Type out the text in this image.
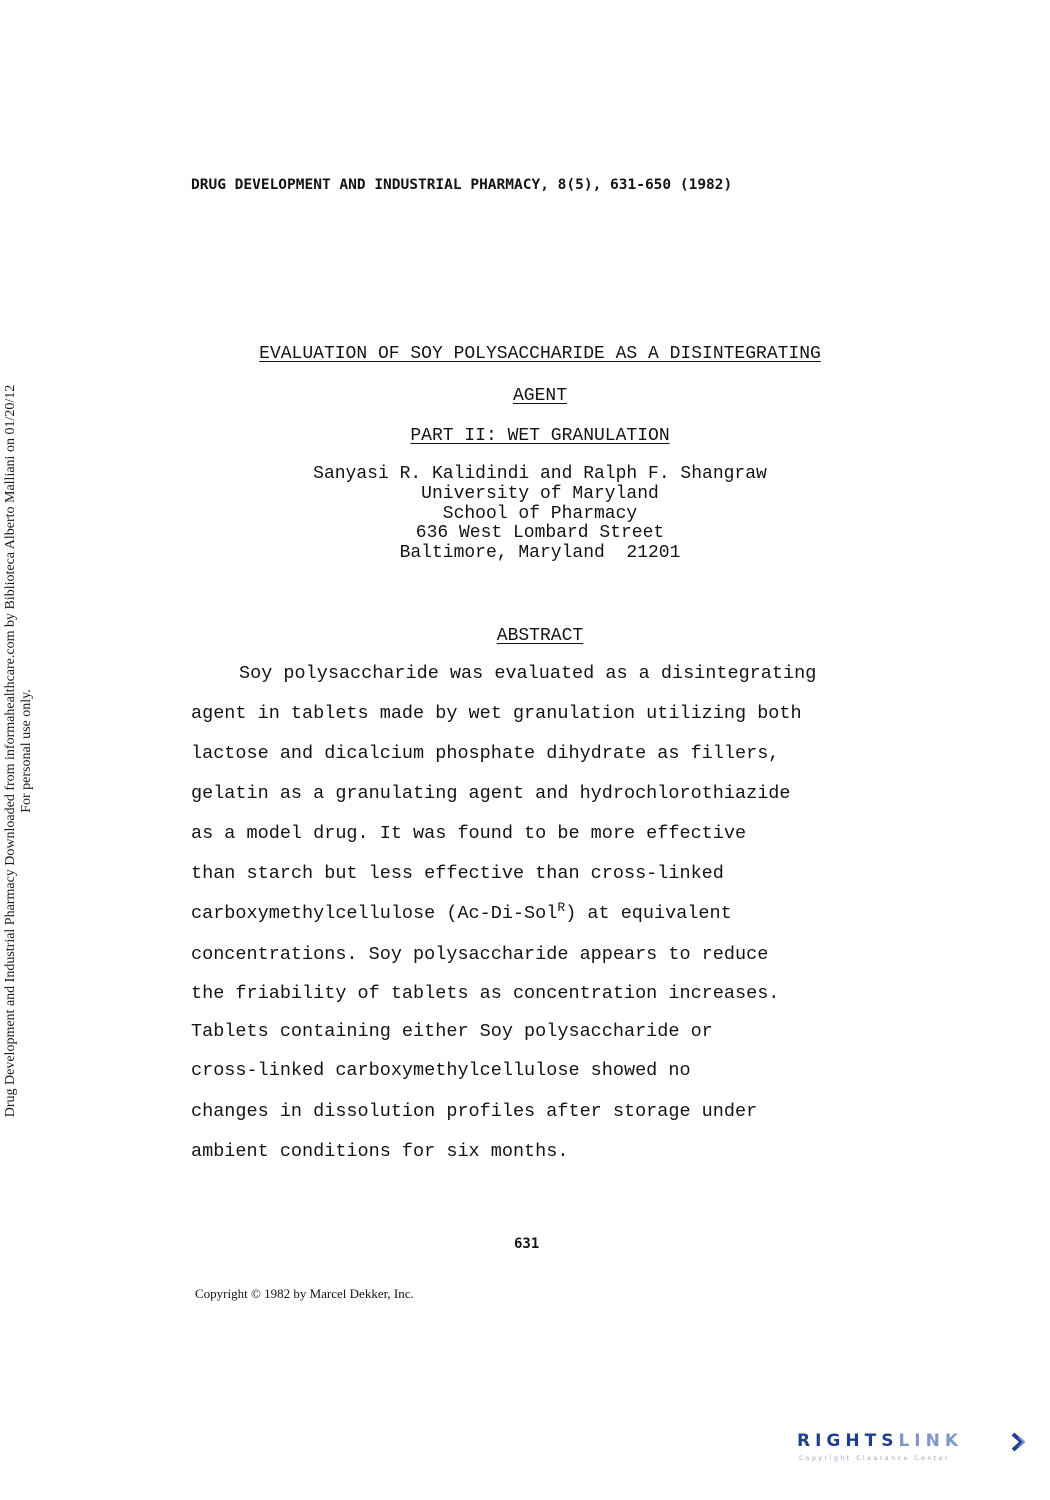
DRUG DEVELOPMENT AND INDUSTRIAL PHARMACY, 8(5), 631-650 (1982)
EVALUATION OF SOY POLYSACCHARIDE AS A DISINTEGRATING
AGENT
PART II: WET GRANULATION
Sanyasi R. Kalidindi and Ralph F. Shangraw
University of Maryland
School of Pharmacy
636 West Lombard Street
Baltimore, Maryland  21201
ABSTRACT
Soy polysaccharide was evaluated as a disintegrating
agent in tablets made by wet granulation utilizing both
lactose and dicalcium phosphate dihydrate as fillers,
gelatin as a granulating agent and hydrochlorothiazide
as a model drug. It was found to be more effective
than starch but less effective than cross-linked
carboxymethylcellulose (Ac-Di-Sol$^R$) at equivalent
concentrations. Soy polysaccharide appears to reduce
the friability of tablets as concentration increases.
Tablets containing either Soy polysaccharide or
cross-linked carboxymethylcellulose showed no
changes in dissolution profiles after storage under
ambient conditions for six months.
631
Copyright © 1982 by Marcel Dekker, Inc.
Drug Development and Industrial Pharmacy Downloaded from informahealthcare.com by Biblioteca Alberto Malliani on 01/20/12 For personal use only.
RIGHTSLINK
Copyright Clearance Center
